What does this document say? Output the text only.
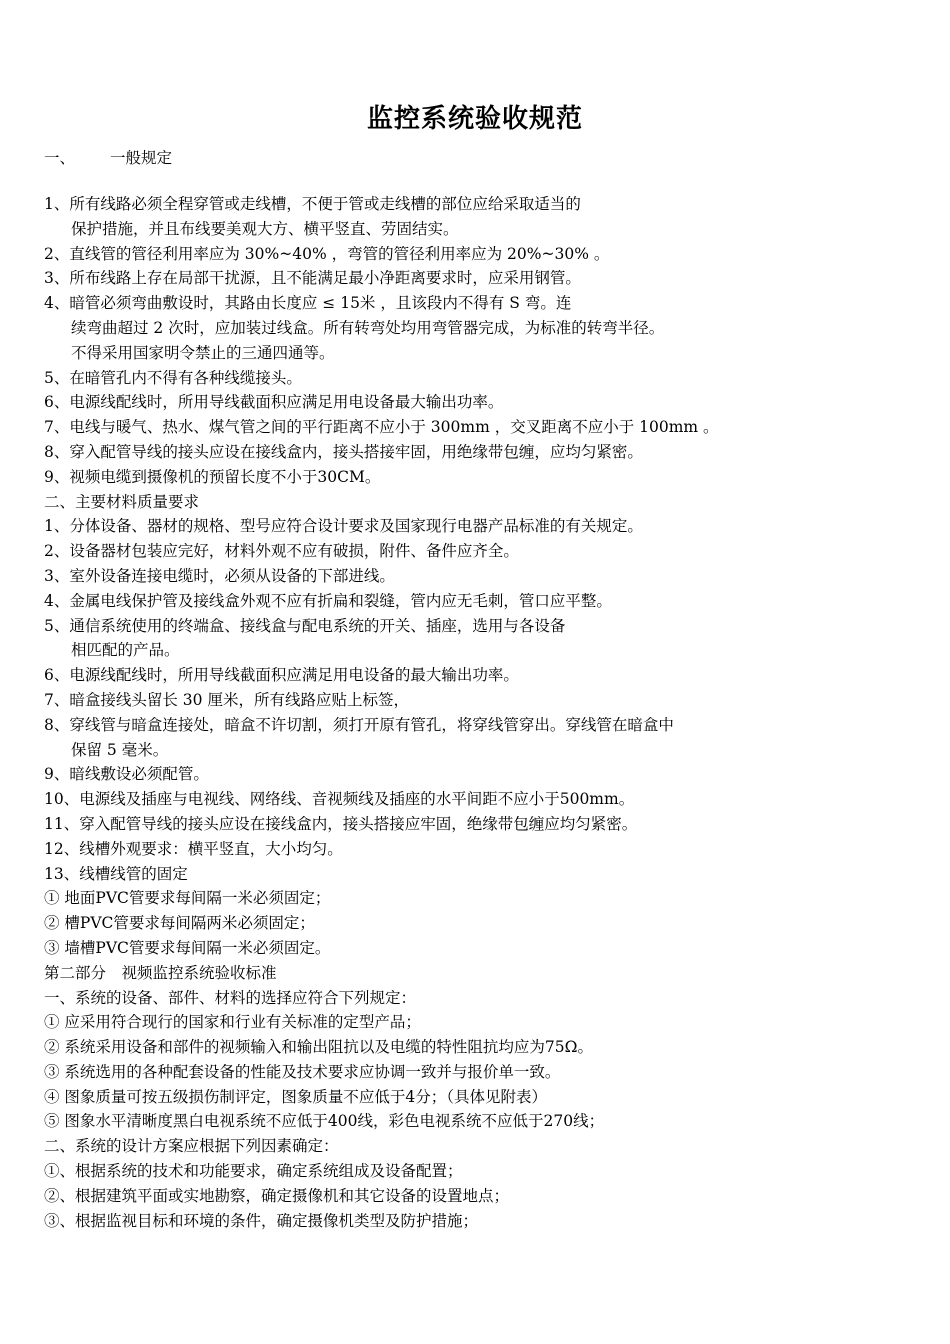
监控系统验收规范
一、 一般规定
1、所有线路必须全程穿管或走线槽，不便于管或走线槽的部位应给采取适当的
保护措施，并且布线要美观大方、横平竖直、劳固结实。
2、直线管的管径利用率应为 30%~40% ，弯管的管径利用率应为 20%~30% 。
3、所布线路上存在局部干扰源，且不能满足最小净距离要求时，应采用钢管。
4、暗管必须弯曲敷设时，其路由长度应 ≤ 15米 ，且该段内不得有 S 弯。连
续弯曲超过 2 次时，应加装过线盒。所有转弯处均用弯管器完成，为标准的转弯半径。
不得采用国家明令禁止的三通四通等。
5、在暗管孔内不得有各种线缆接头。
6、电源线配线时，所用导线截面积应满足用电设备最大输出功率。
7、电线与暖气、热水、煤气管之间的平行距离不应小于 300mm ，交叉距离不应小于 100mm 。
8、穿入配管导线的接头应设在接线盒内，接头搭接牢固，用绝缘带包缠，应均匀紧密。
9、视频电缆到摄像机的预留长度不小于30CM。
二、主要材料质量要求
1、分体设备、器材的规格、型号应符合设计要求及国家现行电器产品标准的有关规定。
2、设备器材包装应完好，材料外观不应有破损，附件、备件应齐全。
3、室外设备连接电缆时，必须从设备的下部进线。
4、金属电线保护管及接线盒外观不应有折扁和裂缝，管内应无毛刺，管口应平整。
5、通信系统使用的终端盒、接线盒与配电系统的开关、插座，选用与各设备
相匹配的产品。
6、电源线配线时，所用导线截面积应满足用电设备的最大输出功率。
7、暗盒接线头留长 30 厘米，所有线路应贴上标签，
8、穿线管与暗盒连接处，暗盒不许切割，须打开原有管孔，将穿线管穿出。穿线管在暗盒中
保留 5 毫米。
9、暗线敷设必须配管。
10、电源线及插座与电视线、网络线、音视频线及插座的水平间距不应小于500mm。
11、穿入配管导线的接头应设在接线盒内，接头搭接应牢固，绝缘带包缠应均匀紧密。
12、线槽外观要求：横平竖直，大小均匀。
13、线槽线管的固定
① 地面PVC管要求每间隔一米必须固定；
② 槽PVC管要求每间隔两米必须固定；
③ 墙槽PVC管要求每间隔一米必须固定。
第二部分　视频监控系统验收标准
一、系统的设备、部件、材料的选择应符合下列规定：
① 应采用符合现行的国家和行业有关标准的定型产品；
② 系统采用设备和部件的视频输入和输出阻抗以及电缆的特性阻抗均应为75Ω。
③ 系统选用的各种配套设备的性能及技术要求应协调一致并与报价单一致。
④ 图象质量可按五级损伤制评定，图象质量不应低于4分；（具体见附表）
⑤ 图象水平清晰度黑白电视系统不应低于400线，彩色电视系统不应低于270线；
二、系统的设计方案应根据下列因素确定：
①、根据系统的技术和功能要求，确定系统组成及设备配置；
②、根据建筑平面或实地勘察，确定摄像机和其它设备的设置地点；
③、根据监视目标和环境的条件，确定摄像机类型及防护措施；
